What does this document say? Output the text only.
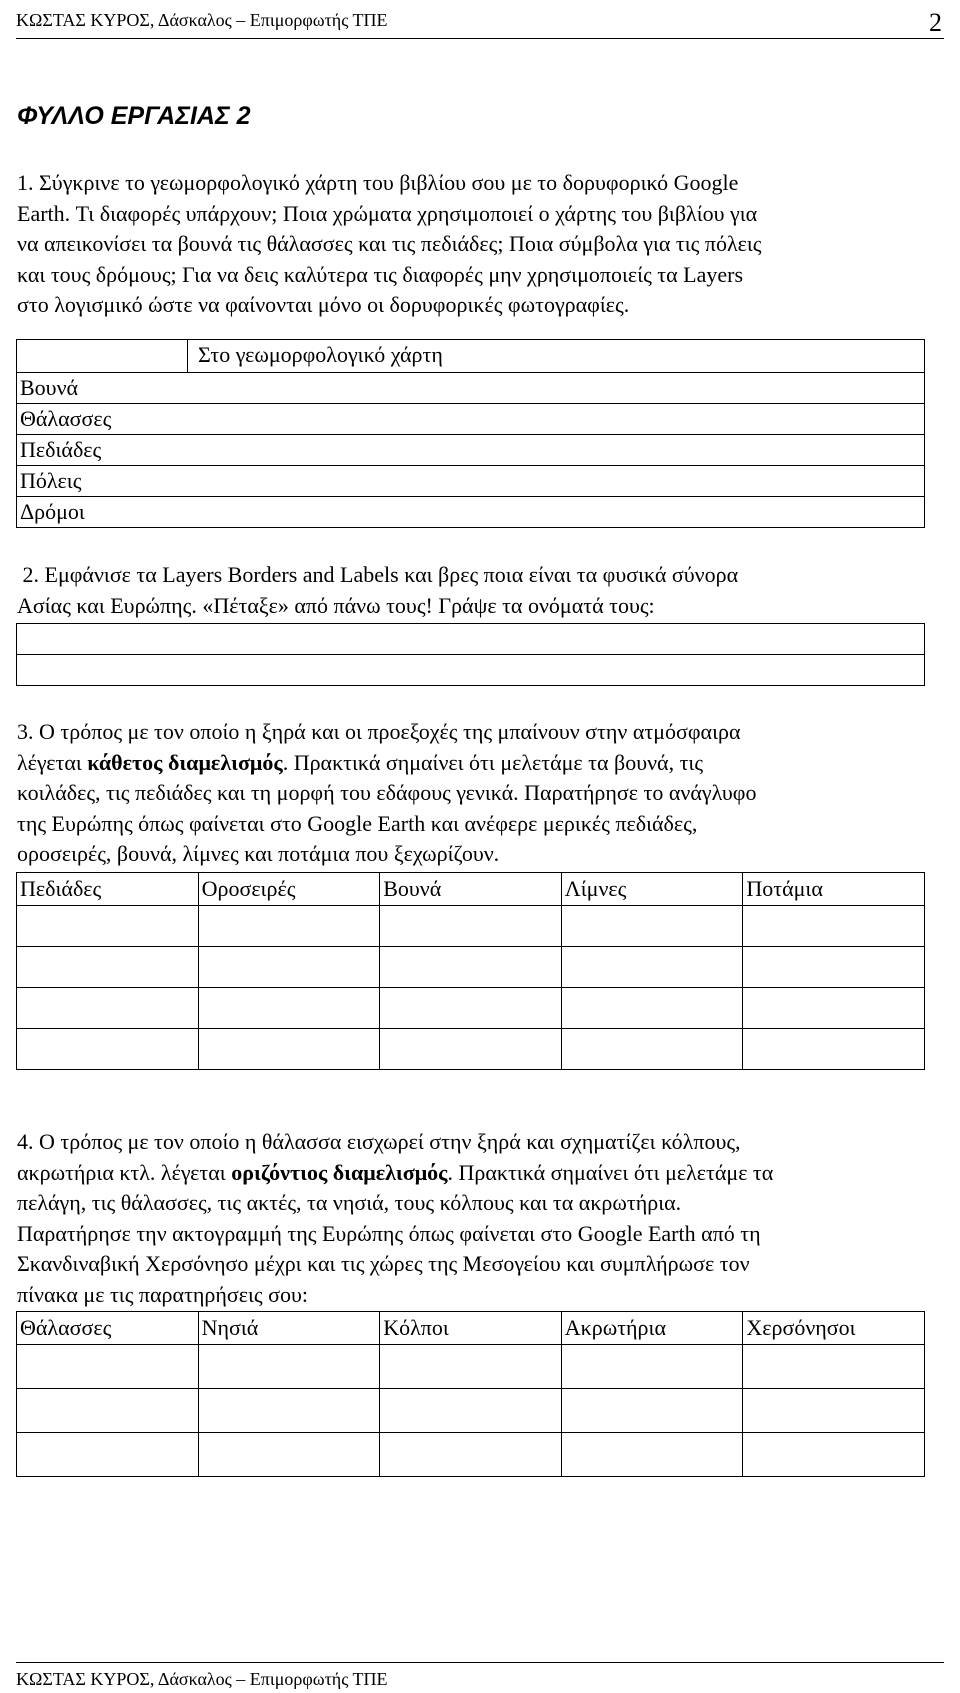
ΚΩΣΤΑΣ ΚΥΡΟΣ, Δάσκαλος – Επιμορφωτής ΤΠΕ	2
ΦΥΛΛΟ ΕΡΓΑΣΙΑΣ 2
1. Σύγκρινε το γεωμορφολογικό χάρτη του βιβλίου σου με το δορυφορικό Google
Earth. Τι διαφορές υπάρχουν; Ποια χρώματα χρησιμοποιεί ο χάρτης του βιβλίου για
να απεικονίσει τα βουνά τις θάλασσες και τις πεδιάδες; Ποια σύμβολα για τις πόλεις
και τους δρόμους; Για να δεις καλύτερα τις διαφορές μην χρησιμοποιείς τα Layers
στο λογισμικό ώστε να φαίνονται μόνο οι δορυφορικές φωτογραφίες.
	Στο γεωμορφολογικό χάρτη
Βουνά	
Θάλασσες	
Πεδιάδες	
Πόλεις	
Δρόμοι	
2. Εμφάνισε τα Layers Borders and Labels και βρες ποια είναι τα φυσικά σύνορα
Ασίας και Ευρώπης. «Πέταξε» από πάνω τους! Γράψε τα ονόματά τους:

3. Ο τρόπος με τον οποίο η ξηρά και οι προεξοχές της μπαίνουν στην ατμόσφαιρα
λέγεται κάθετος διαμελισμός. Πρακτικά σημαίνει ότι μελετάμε τα βουνά, τις
κοιλάδες, τις πεδιάδες και τη μορφή του εδάφους γενικά. Παρατήρησε το ανάγλυφο
της Ευρώπης όπως φαίνεται στο Google Earth και ανέφερε μερικές πεδιάδες,
οροσειρές, βουνά, λίμνες και ποτάμια που ξεχωρίζουν.
Πεδιάδες	Οροσειρές	Βουνά	Λίμνες	Ποτάμια

4. Ο τρόπος με τον οποίο η θάλασσα εισχωρεί στην ξηρά και σχηματίζει κόλπους,
ακρωτήρια κτλ. λέγεται οριζόντιος διαμελισμός. Πρακτικά σημαίνει ότι μελετάμε τα
πελάγη, τις θάλασσες, τις ακτές, τα νησιά, τους κόλπους και τα ακρωτήρια.
Παρατήρησε την ακτογραμμή της Ευρώπης όπως φαίνεται στο Google Earth από τη
Σκανδιναβική Χερσόνησο μέχρι και τις χώρες της Μεσογείου και συμπλήρωσε τον
πίνακα με τις παρατηρήσεις σου:
Θάλασσες	Νησιά	Κόλποι	Ακρωτήρια	Χερσόνησοι

ΚΩΣΤΑΣ ΚΥΡΟΣ, Δάσκαλος – Επιμορφωτής ΤΠΕ
